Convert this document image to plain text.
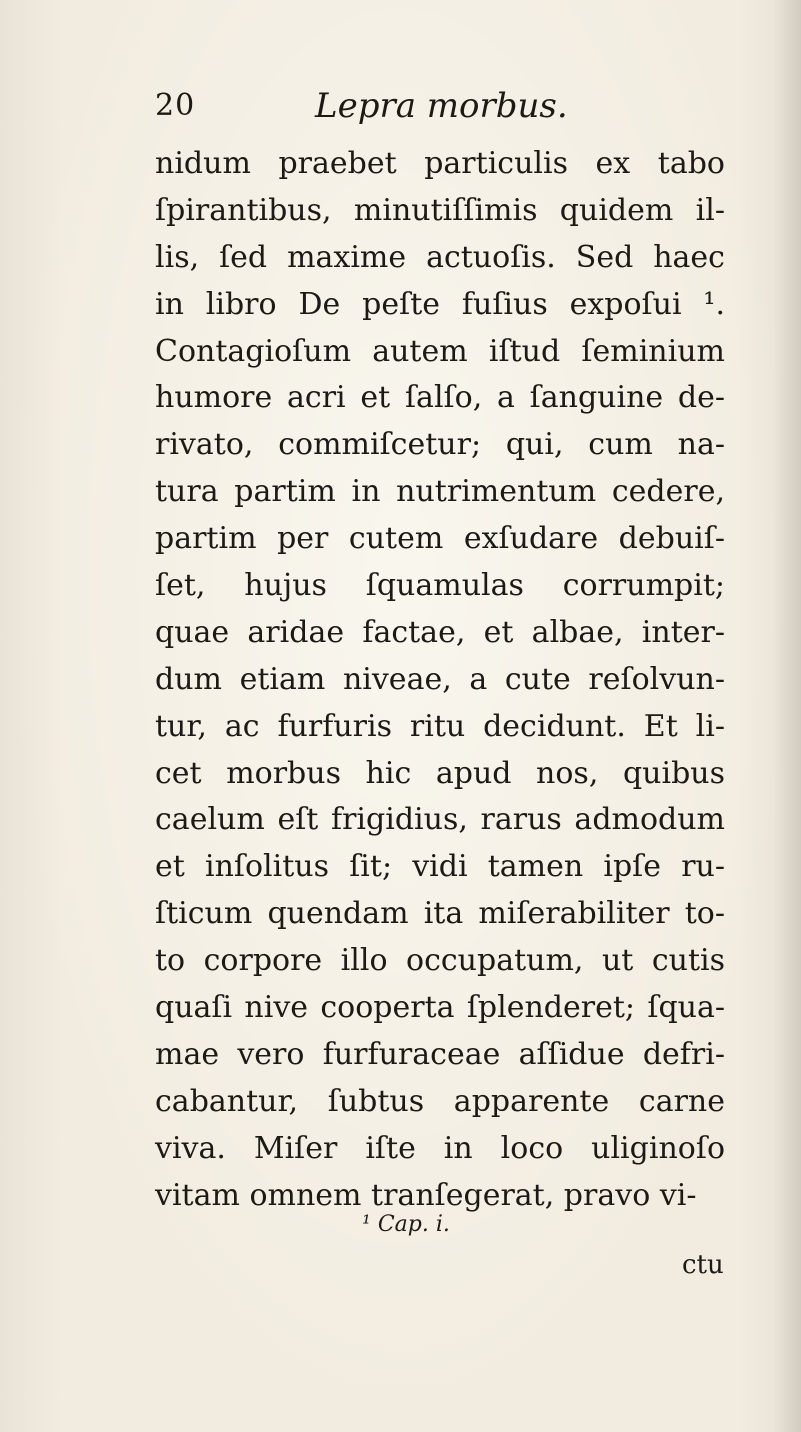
20	Lepra morbus.
nidum praebet particulis ex tabo
ſpirantibus, minutiſſimis quidem il-
lis, ſed maxime actuoſis. Sed haec
in libro De peſte fuſius expoſui ¹.
Contagioſum autem iſtud ſeminium
humore acri et ſalſo, a ſanguine de-
rivato, commiſcetur; qui, cum na-
tura partim in nutrimentum cedere,
partim per cutem exſudare debuiſ-
ſet, hujus ſquamulas corrumpit;
quae aridae factae, et albae, inter-
dum etiam niveae, a cute reſolvun-
tur, ac furfuris ritu decidunt. Et li-
cet morbus hic apud nos, quibus
caelum eſt frigidius, rarus admodum
et inſolitus ſit; vidi tamen ipſe ru-
ſticum quendam ita miſerabiliter to-
to corpore illo occupatum, ut cutis
quaſi nive cooperta ſplenderet; ſqua-
mae vero furfuraceae aſſidue defri-
cabantur, ſubtus apparente carne
viva. Miſer iſte in loco uliginoſo
vitam omnem tranſegerat, pravo vi-
¹ Cap. i.
ctu
